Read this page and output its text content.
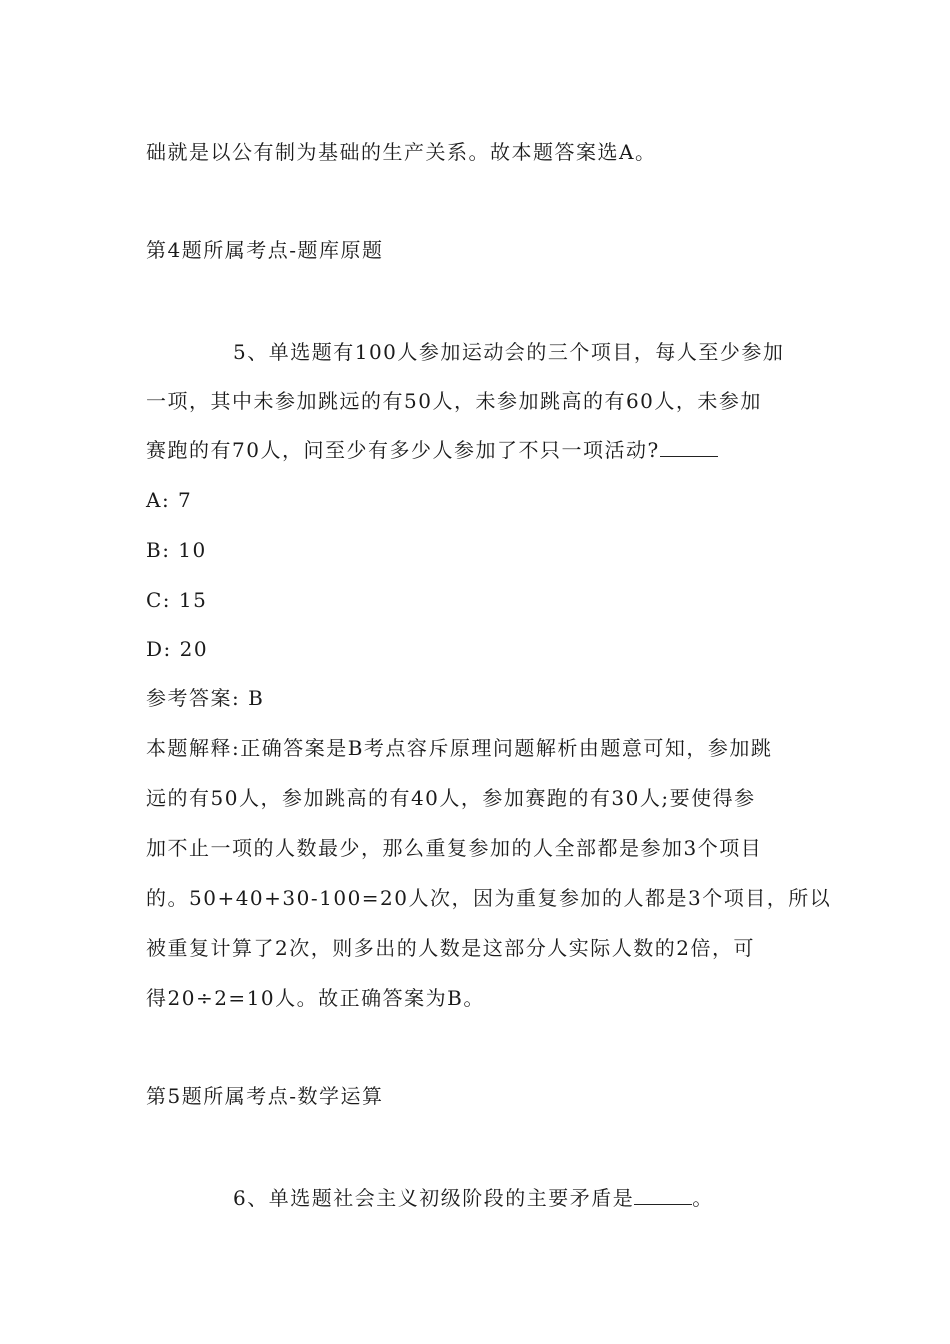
础就是以公有制为基础的生产关系。故本题答案选A。
第4题所属考点-题库原题
5、单选题有100人参加运动会的三个项目，每人至少参加
一项，其中未参加跳远的有50人，未参加跳高的有60人，未参加
赛跑的有70人，问至少有多少人参加了不只一项活动?
A: 7
B: 10
C: 15
D: 20
参考答案: B
本题解释:正确答案是B考点容斥原理问题解析由题意可知，参加跳
远的有50人，参加跳高的有40人，参加赛跑的有30人;要使得参
加不止一项的人数最少，那么重复参加的人全部都是参加3个项目
的。50+40+30-100=20人次，因为重复参加的人都是3个项目，所以
被重复计算了2次，则多出的人数是这部分人实际人数的2倍，可
得20÷2=10人。故正确答案为B。
第5题所属考点-数学运算
6、单选题社会主义初级阶段的主要矛盾是	。
